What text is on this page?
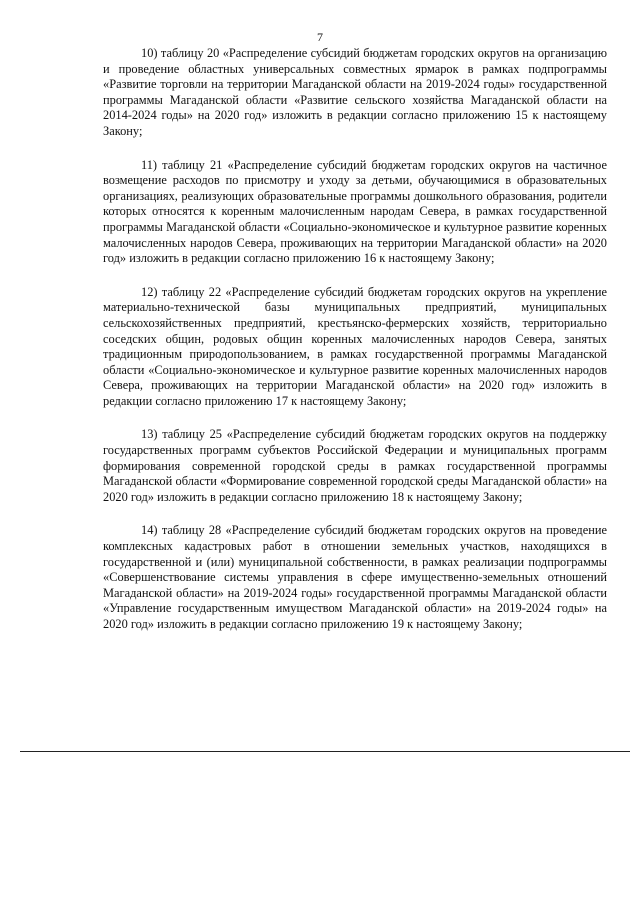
7

10) таблицу 20 «Распределение субсидий бюджетам городских округов на организацию и проведение областных универсальных совместных ярмарок в рамках подпрограммы «Развитие торговли на территории Магаданской области на 2019-2024 годы» государственной программы Магаданской области «Развитие сельского хозяйства Магаданской области на 2014-2024 годы» на 2020 год» изложить в редакции согласно приложению 15 к настоящему Закону;

11) таблицу 21 «Распределение субсидий бюджетам городских округов на частичное возмещение расходов по присмотру и уходу за детьми, обучающимися в образовательных организациях, реализующих образовательные программы дошкольного образования, родители которых относятся к коренным малочисленным народам Севера, в рамках государственной программы Магаданской области «Социально-экономическое и культурное развитие коренных малочисленных народов Севера, проживающих на территории Магаданской области» на 2020 год» изложить в редакции согласно приложению 16 к настоящему Закону;

12) таблицу 22 «Распределение субсидий бюджетам городских округов на укрепление материально-технической базы муниципальных предприятий, муниципальных сельскохозяйственных предприятий, крестьянско-фермерских хозяйств, территориально соседских общин, родовых общин коренных малочисленных народов Севера, занятых традиционным природопользованием, в рамках государственной программы Магаданской области «Социально-экономическое и культурное развитие коренных малочисленных народов Севера, проживающих на территории Магаданской области» на 2020 год» изложить в редакции согласно приложению 17 к настоящему Закону;

13) таблицу 25 «Распределение субсидий бюджетам городских округов на поддержку государственных программ субъектов Российской Федерации и муниципальных программ формирования современной городской среды в рамках государственной программы Магаданской области «Формирование современной городской среды Магаданской области» на 2020 год» изложить в редакции согласно приложению 18 к настоящему Закону;

14) таблицу 28 «Распределение субсидий бюджетам городских округов на проведение комплексных кадастровых работ в отношении земельных участков, находящихся в государственной и (или) муниципальной собственности, в рамках реализации подпрограммы «Совершенствование системы управления в сфере имущественно-земельных отношений Магаданской области» на 2019-2024 годы» государственной программы Магаданской области «Управление государственным имуществом Магаданской области» на 2019-2024 годы» на 2020 год» изложить в редакции согласно приложению 19 к настоящему Закону;
